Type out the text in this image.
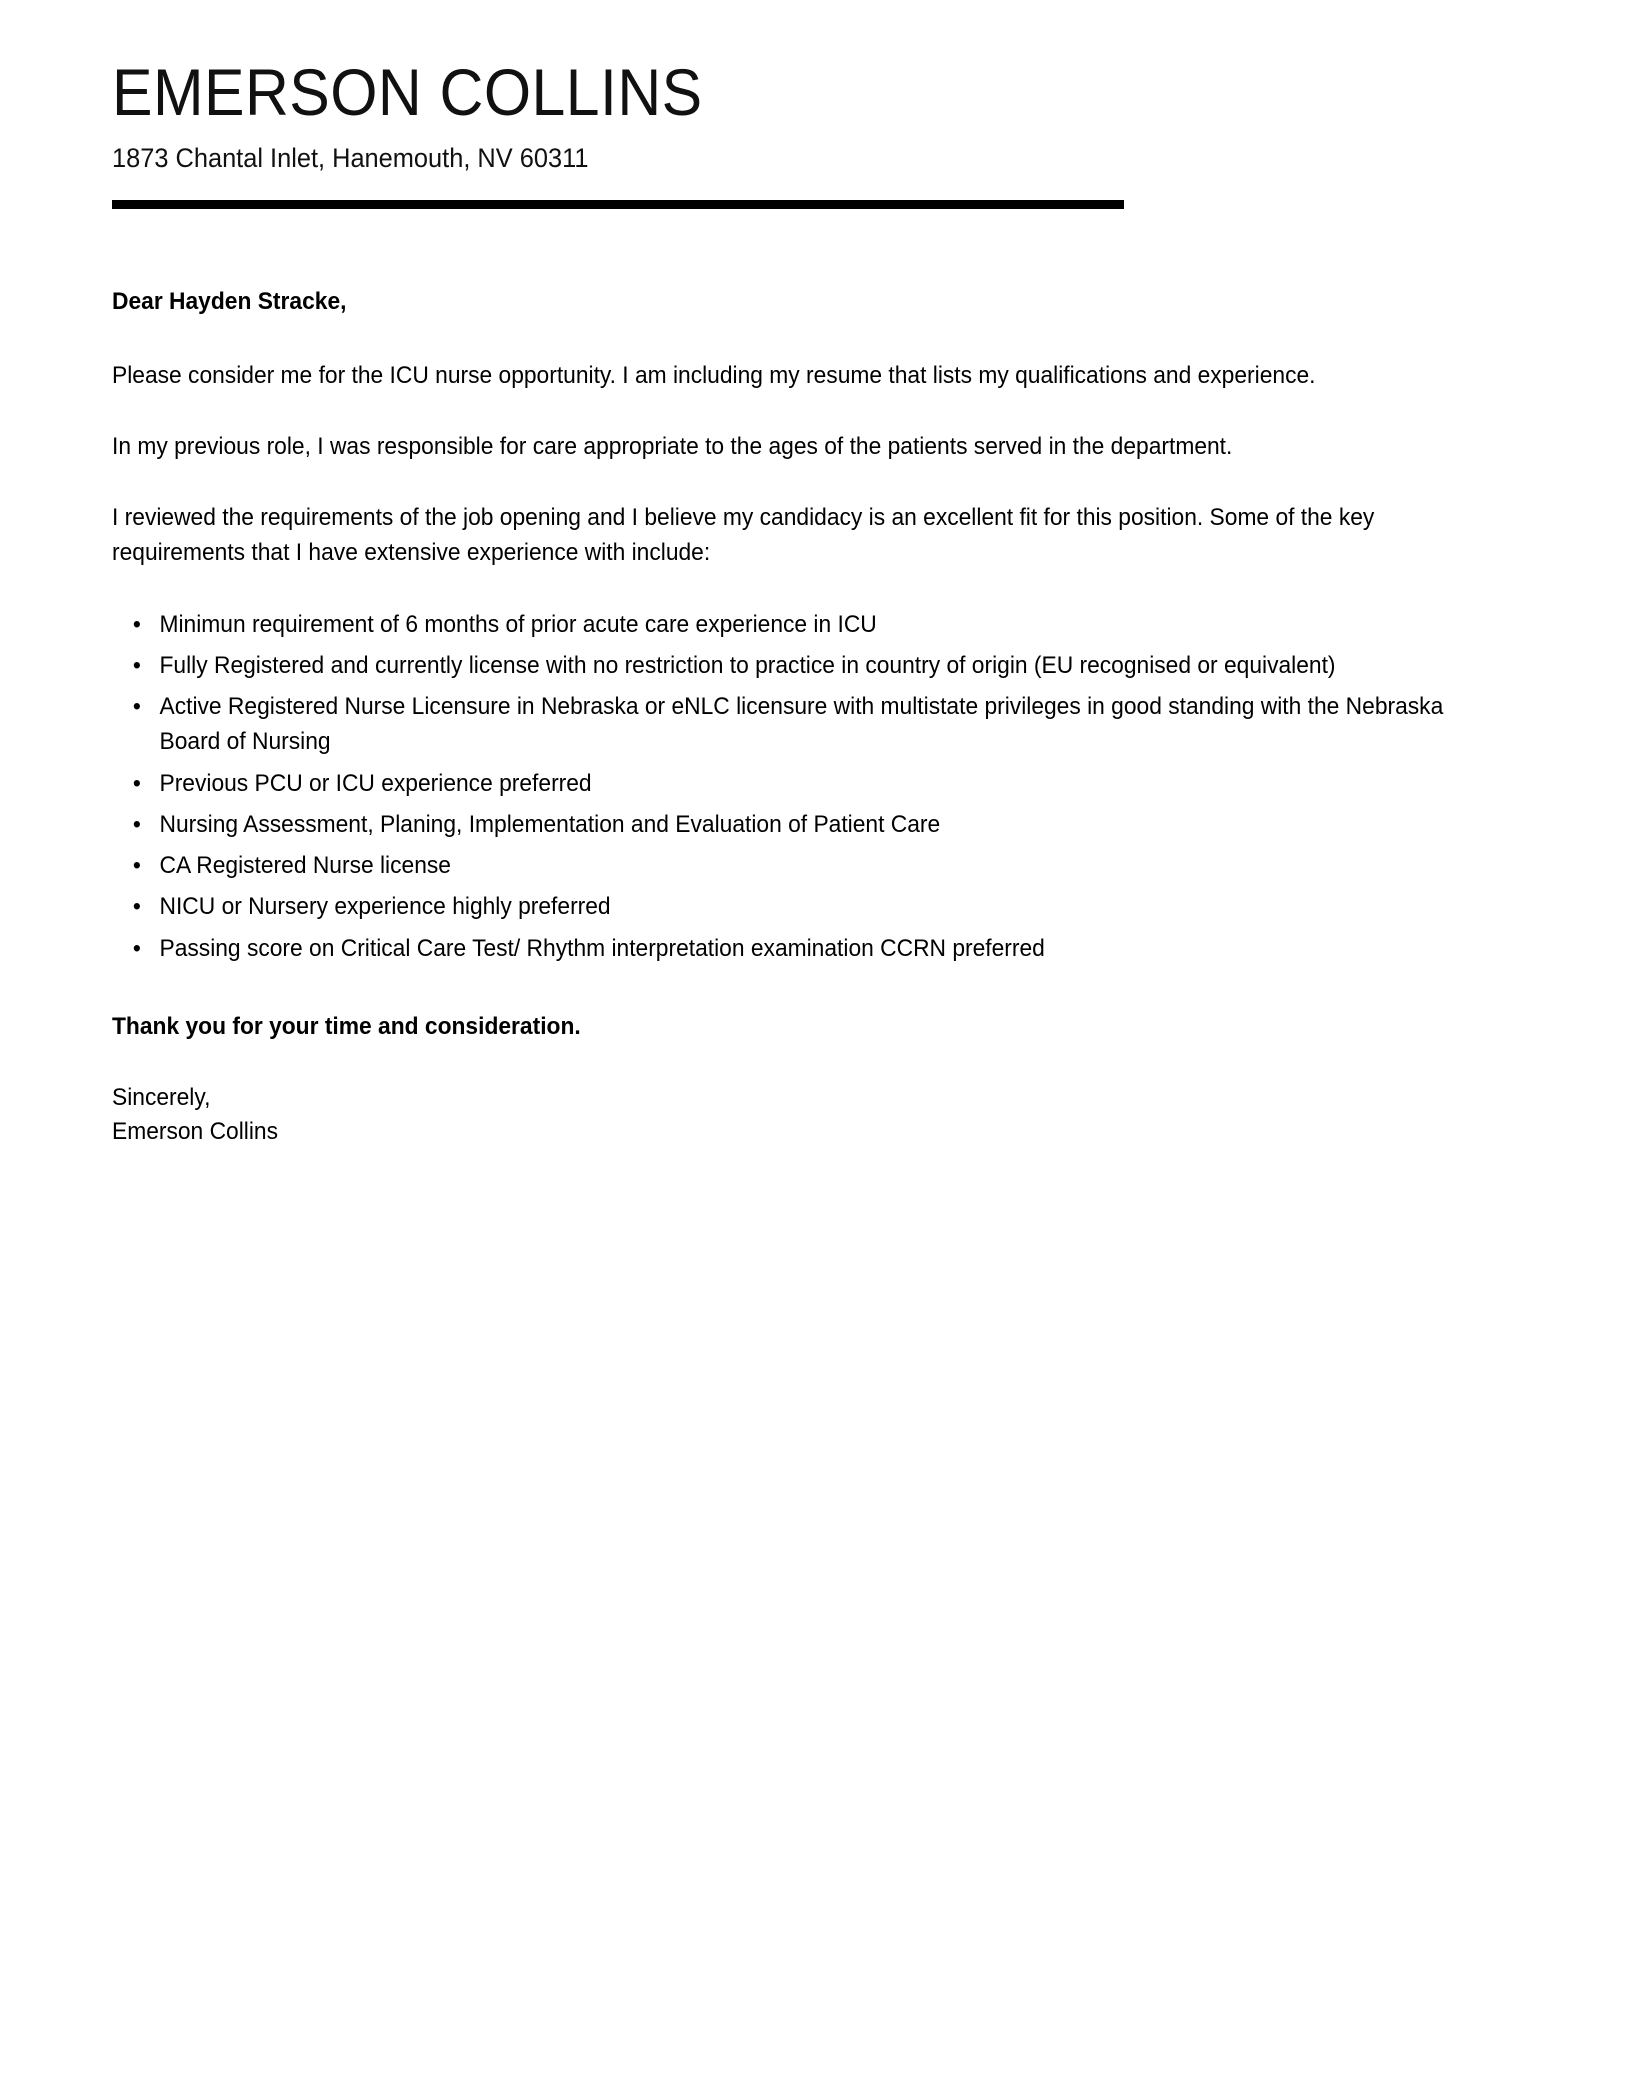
EMERSON COLLINS
1873 Chantal Inlet, Hanemouth, NV 60311

Dear Hayden Stracke,

Please consider me for the ICU nurse opportunity. I am including my resume that lists my qualifications and experience.

In my previous role, I was responsible for care appropriate to the ages of the patients served in the department.

I reviewed the requirements of the job opening and I believe my candidacy is an excellent fit for this position. Some of the key requirements that I have extensive experience with include:

• Minimun requirement of 6 months of prior acute care experience in ICU
• Fully Registered and currently license with no restriction to practice in country of origin (EU recognised or equivalent)
• Active Registered Nurse Licensure in Nebraska or eNLC licensure with multistate privileges in good standing with the Nebraska Board of Nursing
• Previous PCU or ICU experience preferred
• Nursing Assessment, Planing, Implementation and Evaluation of Patient Care
• CA Registered Nurse license
• NICU or Nursery experience highly preferred
• Passing score on Critical Care Test/ Rhythm interpretation examination CCRN preferred

Thank you for your time and consideration.

Sincerely,
Emerson Collins
